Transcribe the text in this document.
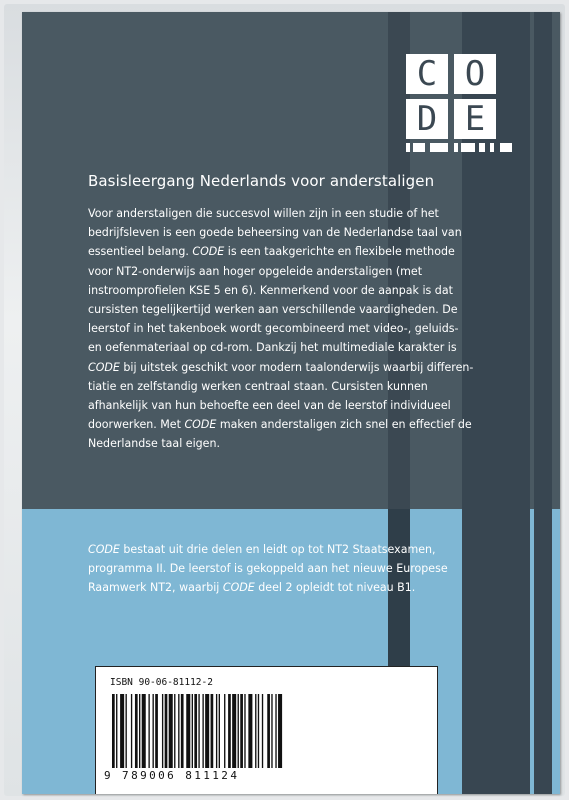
C O
D E
Basisleergang Nederlands voor anderstaligen
Voor anderstaligen die succesvol willen zijn in een studie of het
bedrijfsleven is een goede beheersing van de Nederlandse taal van
essentieel belang. CODE is een taakgerichte en flexibele methode
voor NT2-onderwijs aan hoger opgeleide anderstaligen (met
instroomprofielen KSE 5 en 6). Kenmerkend voor de aanpak is dat
cursisten tegelijkertijd werken aan verschillende vaardigheden. De
leerstof in het takenboek wordt gecombineerd met video-, geluids-
en oefenmateriaal op cd-rom. Dankzij het multimediale karakter is
CODE bij uitstek geschikt voor modern taalonderwijs waarbij differen-
tiatie en zelfstandig werken centraal staan. Cursisten kunnen
afhankelijk van hun behoefte een deel van de leerstof individueel
doorwerken. Met CODE maken anderstaligen zich snel en effectief de
Nederlandse taal eigen.
CODE bestaat uit drie delen en leidt op tot NT2 Staatsexamen,
programma II. De leerstof is gekoppeld aan het nieuwe Europese
Raamwerk NT2, waarbij CODE deel 2 opleidt tot niveau B1.
ISBN 90-06-81112-2
9 789006 811124
